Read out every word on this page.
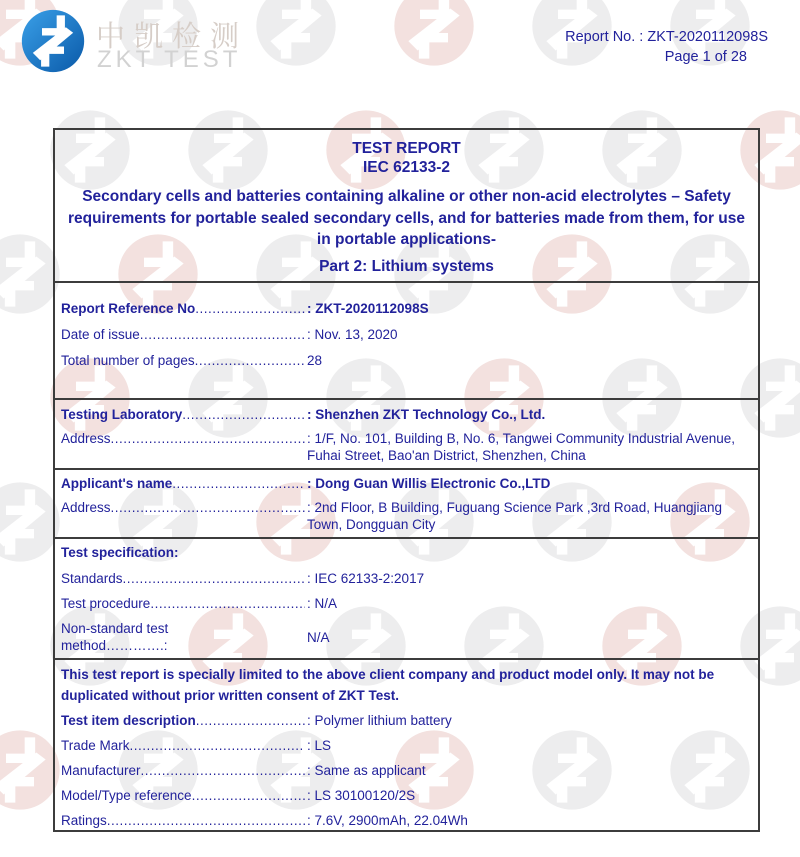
中凯检测
ZKT TEST
Report No. : ZKT-2020112098S
Page 1 of 28
TEST REPORT
IEC 62133-2
Secondary cells and batteries containing alkaline or other non-acid electrolytes – Safety requirements for portable sealed secondary cells, and for batteries made from them, for use in portable applications-
Part 2: Lithium systems
Report Reference No .....	: ZKT-2020112098S
Date of issue .....	: Nov. 13, 2020
Total number of pages .....	28
Testing Laboratory .....	: Shenzhen ZKT Technology Co., Ltd.
Address .....	: 1/F, No. 101, Building B, No. 6, Tangwei Community Industrial Avenue, Fuhai Street, Bao'an District, Shenzhen, China
Applicant's name .....	: Dong Guan Willis Electronic Co.,LTD
Address .....	: 2nd Floor, B Building, Fuguang Science Park ,3rd Road, Huangjiang Town, Dongguan City
Test specification:
Standards .....	: IEC 62133-2:2017
Test procedure .....	: N/A
Non-standard test method………….:
N/A

This test report is specially limited to the above client company and product model only. It may not be duplicated without prior written consent of ZKT Test.

Test item description .....	: Polymer lithium battery
Trade Mark .....	: LS
Manufacturer .....	: Same as applicant
Model/Type reference .....	: LS 30100120/2S
Ratings .....	: 7.6V, 2900mAh, 22.04Wh
